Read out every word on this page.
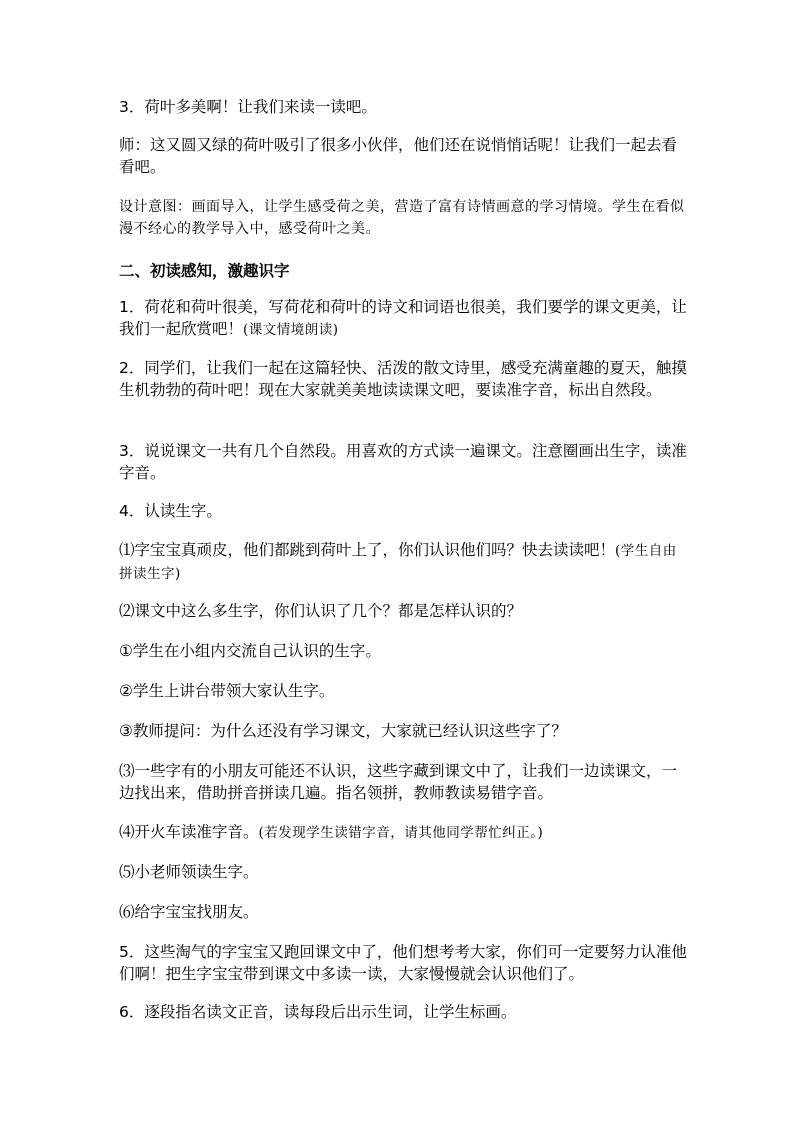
3．荷叶多美啊！让我们来读一读吧。

师：这又圆又绿的荷叶吸引了很多小伙伴，他们还在说悄悄话呢！让我们一起去看看吧。

设计意图：画面导入，让学生感受荷之美，营造了富有诗情画意的学习情境。学生在看似漫不经心的教学导入中，感受荷叶之美。

二、初读感知，激趣识字

1．荷花和荷叶很美，写荷花和荷叶的诗文和词语也很美，我们要学的课文更美，让我们一起欣赏吧！(课文情境朗读)

2．同学们，让我们一起在这篇轻快、活泼的散文诗里，感受充满童趣的夏天，触摸生机勃勃的荷叶吧！现在大家就美美地读读课文吧，要读准字音，标出自然段。

3．说说课文一共有几个自然段。用喜欢的方式读一遍课文。注意圈画出生字，读准字音。

4．认读生字。

⑴字宝宝真顽皮，他们都跳到荷叶上了，你们认识他们吗？快去读读吧！(学生自由拼读生字)

⑵课文中这么多生字，你们认识了几个？都是怎样认识的？

①学生在小组内交流自己认识的生字。

②学生上讲台带领大家认生字。

③教师提问：为什么还没有学习课文，大家就已经认识这些字了？

⑶一些字有的小朋友可能还不认识，这些字藏到课文中了，让我们一边读课文，一边找出来，借助拼音拼读几遍。指名领拼，教师教读易错字音。

⑷开火车读准字音。(若发现学生读错字音，请其他同学帮忙纠正。)

⑸小老师领读生字。

⑹给字宝宝找朋友。

5．这些淘气的字宝宝又跑回课文中了，他们想考考大家，你们可一定要努力认准他们啊！把生字宝宝带到课文中多读一读，大家慢慢就会认识他们了。

6．逐段指名读文正音，读每段后出示生词，让学生标画。
